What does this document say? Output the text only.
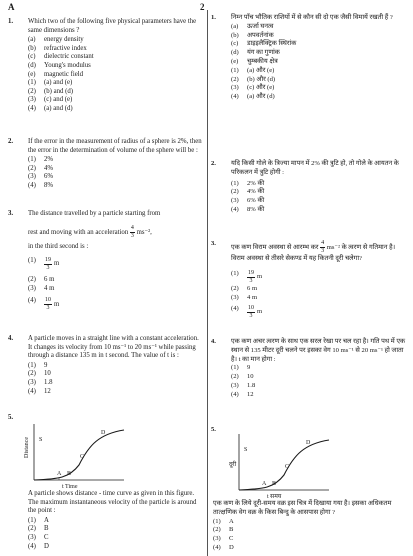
A	2
1. Which two of the following five physical parameters have the same dimensions ?
(a)	energy density
(b)	refractive index
(c)	dielectric constant
(d)	Young's modulus
(e)	magnetic field
(1)	(a) and (e)
(2)	(b) and (d)
(3)	(c) and (e)
(4)	(a) and (d)
2. If the error in the measurement of radius of a sphere is 2%, then the error in the determination of volume of the sphere will be :
(1)	2%
(2)	4%
(3)	6%
(4)	8%
3. The distance travelled by a particle starting from
rest and moving with an acceleration $\frac{4}{3} ms^{-2}$,
in the third second is :
(1)	$\frac{19}{3}$ m
(2)	6 m
(3)	4 m
(4)	$\frac{10}{3}$ m
4. A particle moves in a straight line with a constant acceleration. It changes its velocity from 10 ms⁻¹ to 20 ms⁻¹ while passing through a distance 135 m in t second. The value of t is :
(1)	9
(2)	10
(3)	1.8
(4)	12
5.
Distance S
A B
C
D
t Time
A particle shows distance - time curve as given in this figure. The maximum instantaneous velocity of the particle is around the point :
(1)	A
(2)	B
(3)	C
(4)	D
1. निम्न पाँच भौतिक राशियों में से कौन सी दो एक जैसी विमायें रखती हैं ?
(a)	ऊर्जा घनत्व
(b)	अपवर्तनांक
(c)	डाइइलैक्ट्रिक स्थिरांक
(d)	यंग का गुणांक
(e)	चुम्बकीय क्षेत्र
(1)	(a) और (e)
(2)	(b) और (d)
(3)	(c) और (e)
(4)	(a) और (d)
2. यदि किसी गोले के त्रिज्या मापन में 2% की त्रुटि हो, तो गोले के आयतन के परिकलन में त्रुटि होगी :
(1)	2% की
(2)	4% की
(3)	6% की
(4)	8% की
3.
एक कण विराम अवस्था से आरम्भ कर $\frac{4}{3} ms^{-2}$ के त्वरण से गतिमान है। विराम अवस्था से तीसरे सेकण्ड में यह कितनी दूरी चलेगा?
(1)	$\frac{19}{3}$ m
(2)	6 m
(3)	4 m
(4)	$\frac{10}{3}$ m
4. एक कण अचर त्वरण के साथ एक सरल रेखा पर चल रहा है। गति पथ में एक स्थान से 135 मीटर दूरी चलने पर इसका वेग 10 ms⁻¹ से 20 ms⁻¹ हो जाता है। t का मान होगा :
(1)	9
(2)	10
(3)	1.8
(4)	12
5.
दूरी
S
A B
C
D
t समय
एक कण के लिये दूरी-समय वक्र इस चित्र में दिखाया गया है। इसका अधिकतम तात्क्षणिक वेग वक्र के किस बिन्दु के आसपास होगा ?
(1)	A
(2)	B
(3)	C
(4)	D
